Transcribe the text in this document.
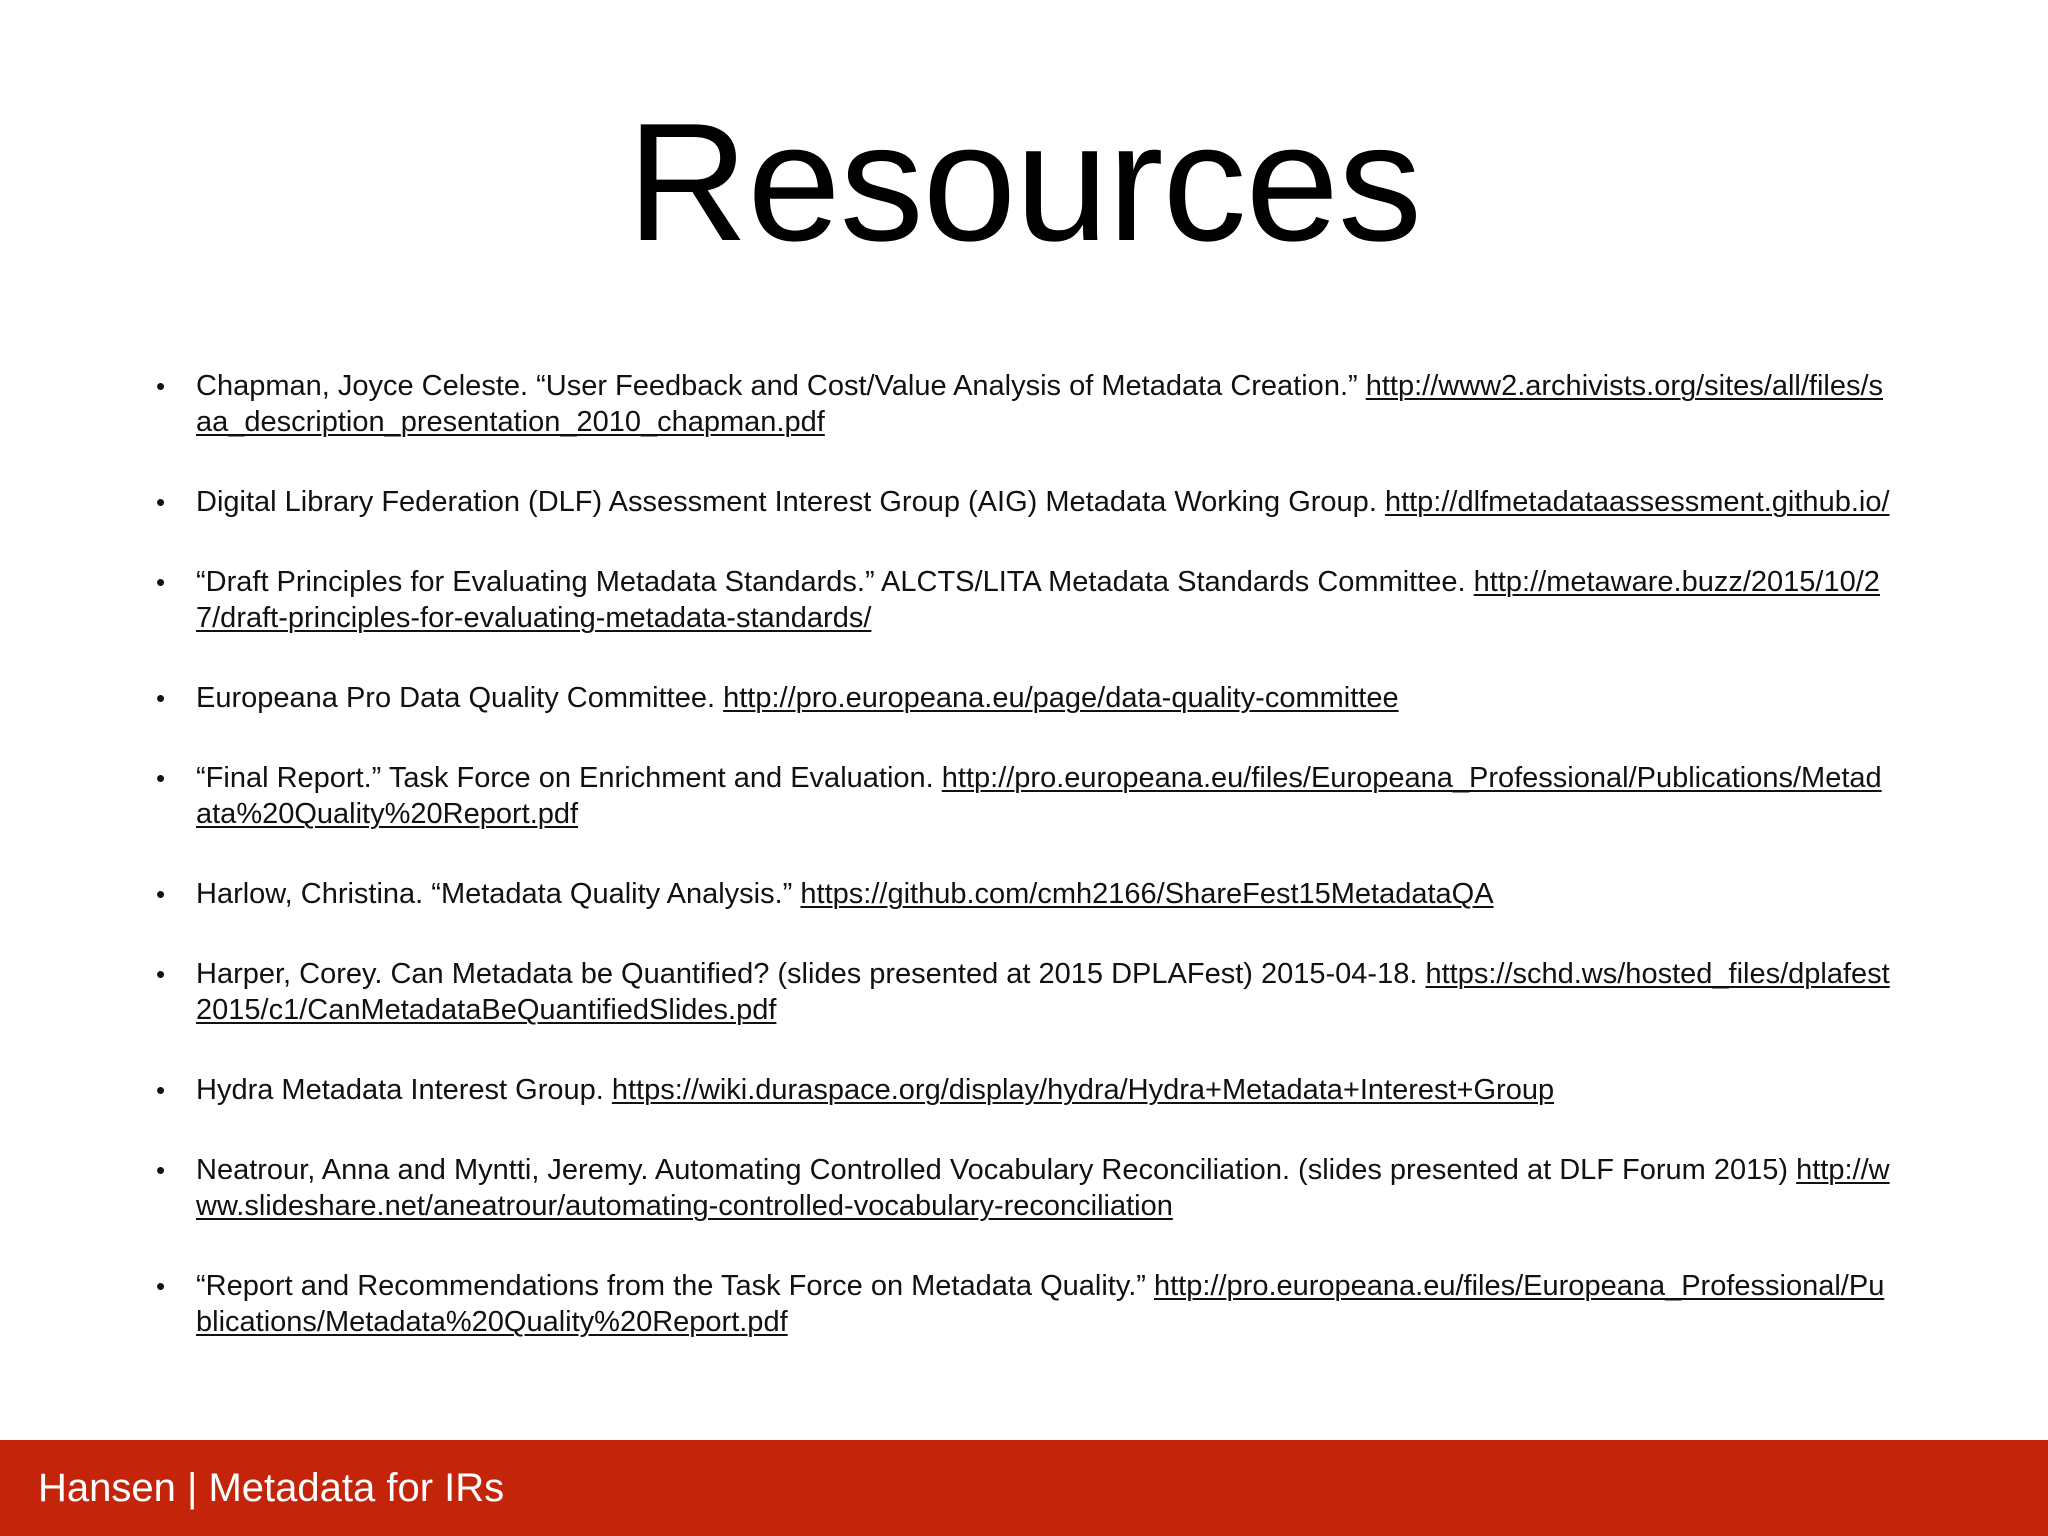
Resources
• Chapman, Joyce Celeste. “User Feedback and Cost/Value Analysis of Metadata Creation.” http://www2.archivists.org/sites/all/files/saa_description_presentation_2010_chapman.pdf
• Digital Library Federation (DLF) Assessment Interest Group (AIG) Metadata Working Group. http://dlfmetadataassessment.github.io/
• “Draft Principles for Evaluating Metadata Standards.” ALCTS/LITA Metadata Standards Committee. http://metaware.buzz/2015/10/27/draft-principles-for-evaluating-metadata-standards/
• Europeana Pro Data Quality Committee. http://pro.europeana.eu/page/data-quality-committee
• “Final Report.” Task Force on Enrichment and Evaluation. http://pro.europeana.eu/files/Europeana_Professional/Publications/Metadata%20Quality%20Report.pdf
• Harlow, Christina. “Metadata Quality Analysis.” https://github.com/cmh2166/ShareFest15MetadataQA
• Harper, Corey. Can Metadata be Quantified? (slides presented at 2015 DPLAFest) 2015-04-18. https://schd.ws/hosted_files/dplafest2015/c1/CanMetadataBeQuantifiedSlides.pdf
• Hydra Metadata Interest Group. https://wiki.duraspace.org/display/hydra/Hydra+Metadata+Interest+Group
• Neatrour, Anna and Myntti, Jeremy. Automating Controlled Vocabulary Reconciliation. (slides presented at DLF Forum 2015) http://www.slideshare.net/aneatrour/automating-controlled-vocabulary-reconciliation
• “Report and Recommendations from the Task Force on Metadata Quality.” http://pro.europeana.eu/files/Europeana_Professional/Publications/Metadata%20Quality%20Report.pdf
Hansen | Metadata for IRs
